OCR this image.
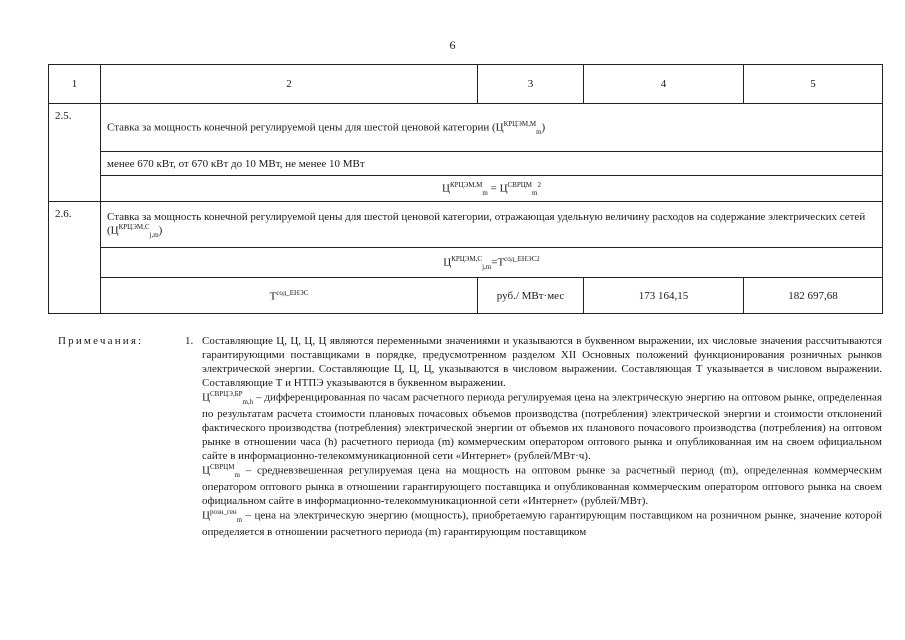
6
1	2	3	4	5
2.5.	Ставка за мощность конечной регулируемой цены для шестой ценовой категории $(Ц^{КРЦЭМ,М}_m)$			
	менее 670 кВт, от 670 кВт до 10 МВт, не менее 10 МВт			
	$Ц^{КРЦЭМ,М}_m = Ц^{СВРЦМ}_m^2$
2.6.	Ставка за мощность конечной регулируемой цены для шестой ценовой категории, отражающая удельную величину расходов на содержание электрических сетей $(Ц^{КРЦЭМ,С}_{j,m})$			
	$Ц^{КРЦЭМ,С}_{j,m}=Т^{сод\_ЕНЭС2}$
	$Т^{сод\_ЕНЭС}$	руб./ МВт·мес	173 164,15	182 697,68
Примечания:	1. Составляющие Ц, Ц, Ц, Ц являются переменными значениями и указываются в буквенном выражении, их числовые значения рассчитываются гарантирующими поставщиками в порядке, предусмотренном разделом XII Основных положений функционирования розничных рынков электрической энергии. Составляющие Ц, Ц, Ц, указываются в числовом выражении. Составляющая Т указывается в числовом выражении. Составляющие Т и НТПЭ указываются в буквенном выражении.

$Ц^{СВРЦЭ,БР}_{m,h}$ – дифференцированная по часам расчетного периода регулируемая цена на электрическую энергию на оптовом рынке, определенная по результатам расчета стоимости плановых почасовых объемов производства (потребления) электрической энергии и стоимости отклонений фактического производства (потребления) электрической энергии от объемов их планового почасового производства (потребления) на оптовом рынке в отношении часа (h) расчетного периода (m) коммерческим оператором оптового рынка и опубликованная им на своем официальном сайте в информационно-телекоммуникационной сети «Интернет» (рублей/МВт·ч).

$Ц^{СВРЦМ}_m$ – средневзвешенная регулируемая цена на мощность на оптовом рынке за расчетный период (m), определенная коммерческим оператором оптового рынка в отношении гарантирующего поставщика и опубликованная коммерческим оператором оптового рынка на своем официальном сайте в информационно-телекоммуникационной сети «Интернет» (рублей/МВт).

$Ц^{розн\_ген}_m$ – цена на электрическую энергию (мощность), приобретаемую гарантирующим поставщиком на розничном рынке, значение которой определяется в отношении расчетного периода (m) гарантирующим поставщиком
